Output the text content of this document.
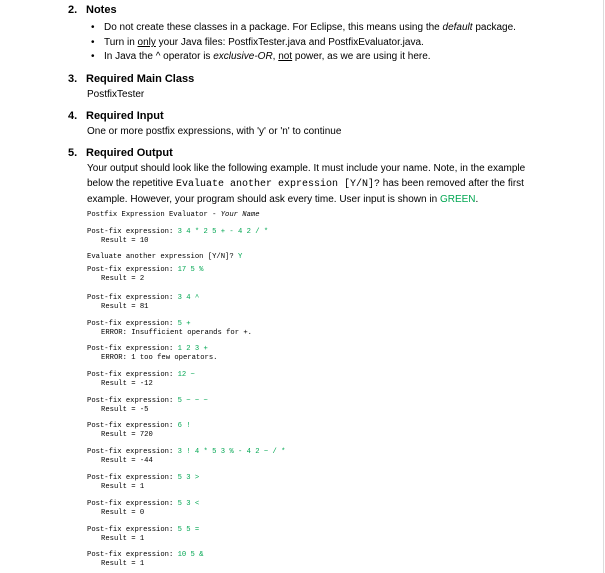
2. Notes
• Do not create these classes in a package. For Eclipse, this means using the default package.
• Turn in only your Java files: PostfixTester.java and PostfixEvaluator.java.
• In Java the ^ operator is exclusive-OR, not power, as we are using it here.
3. Required Main Class
PostfixTester
4. Required Input
One or more postfix expressions, with 'y' or 'n' to continue
5. Required Output
Your output should look like the following example. It must include your name. Note, in the example
below the repetitive Evaluate another expression [Y/N]? has been removed after the first
example. However, your program should ask every time. User input is shown in GREEN.
Postfix Expression Evaluator - Your Name
Post-fix expression: 3 4 * 2 5 + - 4 2 / *
Result = 10
Evaluate another expression [Y/N]? Y
Post-fix expression: 17 5 %
Result = 2
Post-fix expression: 3 4 ^
Result = 81
Post-fix expression: 5 +
ERROR: Insufficient operands for +.
Post-fix expression: 1 2 3 +
ERROR: 1 too few operators.
Post-fix expression: 12 ~
Result = -12
Post-fix expression: 5 ~ ~ ~
Result = -5
Post-fix expression: 6 !
Result = 720
Post-fix expression: 3 ! 4 * 5 3 % - 4 2 ~ / *
Result = -44
Post-fix expression: 5 3 >
Result = 1
Post-fix expression: 5 3 <
Result = 0
Post-fix expression: 5 5 =
Result = 1
Post-fix expression: 10 5 &
Result = 1
